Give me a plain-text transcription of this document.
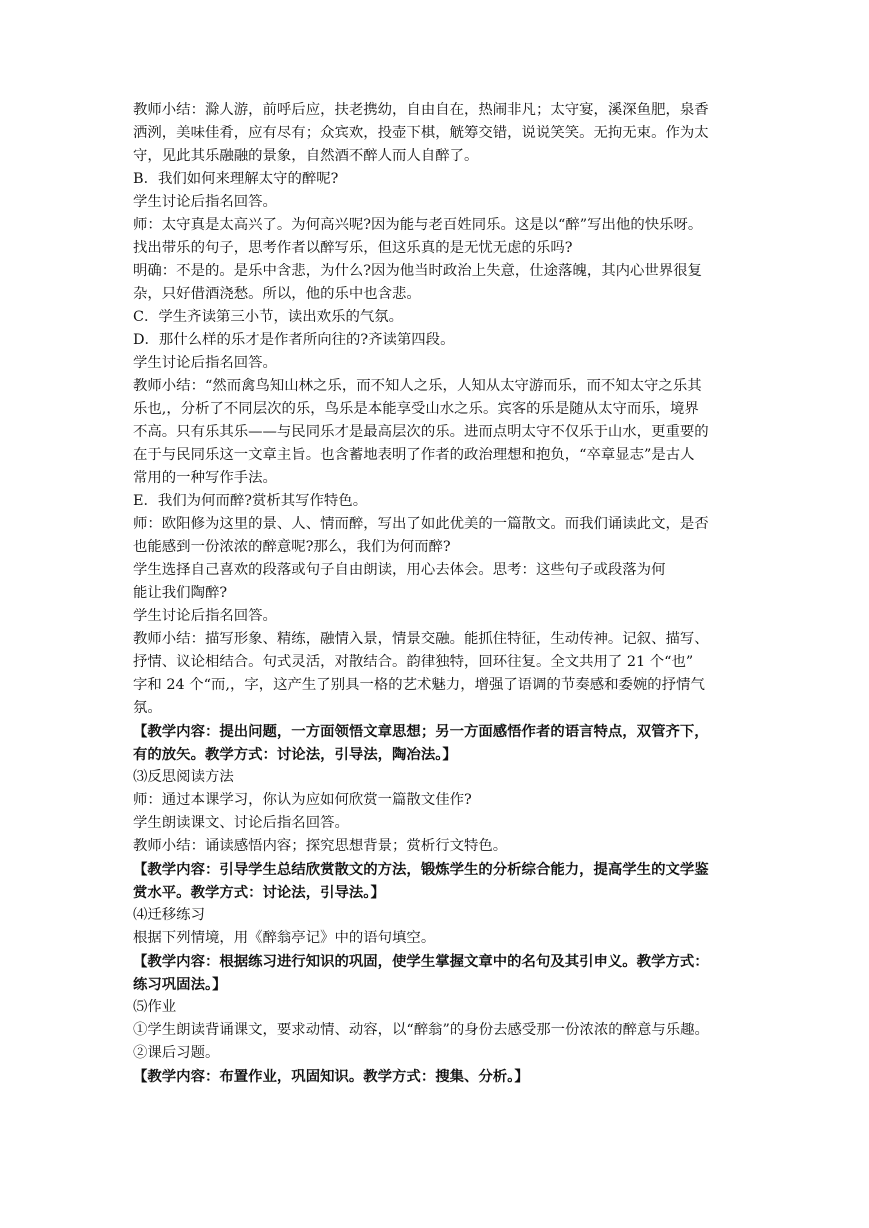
教师小结：滁人游，前呼后应，扶老携幼，自由自在，热闹非凡；太守宴，溪深鱼肥，泉香
洒洌，美味佳肴，应有尽有；众宾欢，投壶下棋，觥筹交错，说说笑笑。无拘无束。作为太
守，见此其乐融融的景象，自然酒不醉人而人自醉了。
B．我们如何来理解太守的醉呢?
学生讨论后指名回答。
师：太守真是太高兴了。为何高兴呢?因为能与老百姓同乐。这是以“醉”写出他的快乐呀。
找出带乐的句子，思考作者以醉写乐，但这乐真的是无忧无虑的乐吗?
明确：不是的。是乐中含悲，为什么?因为他当时政治上失意，仕途落魄，其内心世界很复
杂，只好借酒浇愁。所以，他的乐中也含悲。
C．学生齐读第三小节，读出欢乐的气氛。
D．那什么样的乐才是作者所向往的?齐读第四段。
学生讨论后指名回答。
教师小结：“然而禽鸟知山林之乐，而不知人之乐，人知从太守游而乐，而不知太守之乐其
乐也,，分析了不同层次的乐，鸟乐是本能享受山水之乐。宾客的乐是随从太守而乐，境界
不高。只有乐其乐——与民同乐才是最高层次的乐。进而点明太守不仅乐于山水，更重要的
在于与民同乐这一文章主旨。也含蓄地表明了作者的政治理想和抱负，“卒章显志”是古人
常用的一种写作手法。
E．我们为何而醉?赏析其写作特色。
师：欧阳修为这里的景、人、情而醉，写出了如此优美的一篇散文。而我们诵读此文，是否
也能感到一份浓浓的醉意呢?那么，我们为何而醉?
学生选择自己喜欢的段落或句子自由朗读，用心去体会。思考：这些句子或段落为何
能让我们陶醉?
学生讨论后指名回答。
教师小结：描写形象、精练，融情入景，情景交融。能抓住特征，生动传神。记叙、描写、
抒情、议论相结合。句式灵活，对散结合。韵律独特，回环往复。全文共用了 21 个“也”
字和 24 个“而,，字，这产生了别具一格的艺术魅力，增强了语调的节奏感和委婉的抒情气
氛。
【教学内容：提出问题，一方面领悟文章思想；另一方面感悟作者的语言特点，双管齐下，
有的放矢。教学方式：讨论法，引导法，陶冶法。】
⑶反思阅读方法
师：通过本课学习，你认为应如何欣赏一篇散文佳作?
学生朗读课文、讨论后指名回答。
教师小结：诵读感悟内容；探究思想背景；赏析行文特色。
【教学内容：引导学生总结欣赏散文的方法，锻炼学生的分析综合能力，提高学生的文学鉴
赏水平。教学方式：讨论法，引导法。】
⑷迁移练习
根据下列情境，用《醉翁亭记》中的语句填空。
【教学内容：根据练习进行知识的巩固，使学生掌握文章中的名句及其引申义。教学方式：
练习巩固法。】
⑸作业
①学生朗读背诵课文，要求动情、动容，以“醉翁”的身份去感受那一份浓浓的醉意与乐趣。
②课后习题。
【教学内容：布置作业，巩固知识。教学方式：搜集、分析。】
